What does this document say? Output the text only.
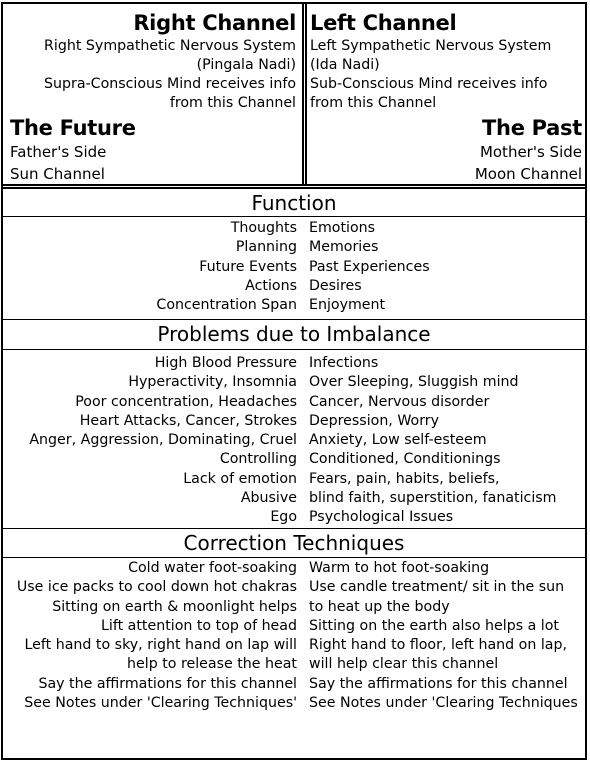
Right Channel
Right Sympathetic Nervous System
(Pingala Nadi)
Supra-Conscious Mind receives info
from this Channel
The Future
Father's Side
Sun Channel
Left Channel
Left Sympathetic Nervous System
(Ida Nadi)
Sub-Conscious Mind receives info
from this Channel
The Past
Mother's Side
Moon Channel
Function
Thoughts Emotions
Planning Memories
Future Events Past Experiences
Actions Desires
Concentration Span Enjoyment
Problems due to Imbalance
High Blood Pressure Infections
Hyperactivity, Insomnia Over Sleeping, Sluggish mind
Poor concentration, Headaches Cancer, Nervous disorder
Heart Attacks, Cancer, Strokes Depression, Worry
Anger, Aggression, Dominating, Cruel Anxiety, Low self-esteem
Controlling Conditioned, Conditionings
Lack of emotion Fears, pain, habits, beliefs,
Abusive blind faith, superstition, fanaticism
Ego Psychological Issues
Correction Techniques
Cold water foot-soaking Warm to hot foot-soaking
Use ice packs to cool down hot chakras Use candle treatment/ sit in the sun
Sitting on earth & moonlight helps to heat up the body
Lift attention to top of head Sitting on the earth also helps a lot
Left hand to sky, right hand on lap will Right hand to floor, left hand on lap,
help to release the heat will help clear this channel
Say the affirmations for this channel Say the affirmations for this channel
See Notes under 'Clearing Techniques' See Notes under 'Clearing Techniques
